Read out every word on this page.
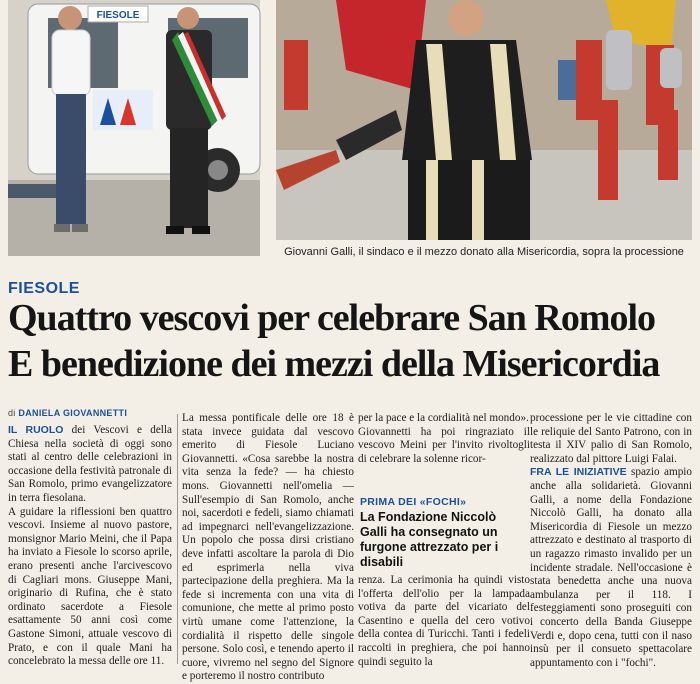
FIESOLE
Giovanni Galli, il sindaco e il mezzo donato alla Misericordia, sopra la processione
FIESOLE
Quattro vescovi per celebrare San Romolo
E benedizione dei mezzi della Misericordia
di DANIELA GIOVANNETTI

IL RUOLO dei Vescovi e della Chiesa nella società di oggi sono stati al centro delle celebrazioni in occasione della festività patronale di San Romolo, primo evangelizzatore in terra fiesolana.

A guidare la riflessioni ben quattro vescovi. Insieme al nuovo pastore, monsignor Mario Meini, che il Papa ha inviato a Fiesole lo scorso aprile, erano presenti anche l'arcivescovo di Cagliari mons. Giuseppe Mani, originario di Rufina, che è stato ordinato sacerdote a Fiesole esattamente 50 anni così come Gastone Simoni, attuale vescovo di Prato, e con il quale Mani ha concelebrato la messa delle ore 11.

La messa pontificale delle ore 18 è stata invece guidata dal vescovo emerito di Fiesole Luciano Giovannetti. «Cosa sarebbe la nostra vita senza la fede? — ha chiesto mons. Giovannetti nell'omelia — Sull'esempio di San Romolo, anche noi, sacerdoti e fedeli, siamo chiamati ad impegnarci nell'evangelizzazione. Un popolo che possa dirsi cristiano deve infatti ascoltare la parola di Dio ed esprimerla nella viva partecipazione della preghiera. Ma la fede si incrementa con una vita di comunione, che mette al primo posto virtù umane come l'attenzione, la cordialità il rispetto delle singole persone. Solo così, e tenendo aperto il cuore, vivremo nel segno del Signore e porteremo il nostro contributo

per la pace e la cordialità nel mondo».

Giovannetti ha poi ringraziato il vescovo Meini per l'invito rivoltogli di celebrare la solenne ricor-

PRIMA DEI «FOCHI»
La Fondazione Niccolò Galli ha consegnato un furgone attrezzato per i disabili

renza. La cerimonia ha quindi visto l'offerta dell'olio per la lampada votiva da parte del vicariato del Casentino e quella del cero votivo della contea di Turicchi. Tanti i fedeli raccolti in preghiera, che poi hanno quindi seguito la

processione per le vie cittadine con le reliquie del Santo Patrono, con in testa il XIV palio di San Romolo, realizzato dal pittore Luigi Falai.

FRA LE INIZIATIVE spazio ampio anche alla solidarietà. Giovanni Galli, a nome della Fondazione Niccolò Galli, ha donato alla Misericordia di Fiesole un mezzo attrezzato e destinato al trasporto di un ragazzo rimasto invalido per un incidente stradale. Nell'occasione è stata benedetta anche una nuova ambulanza per il 118. I festeggiamenti sono proseguiti con i concerto della Banda Giuseppe Verdi e, dopo cena, tutti con il naso insù per il consueto spettacolare appuntamento con i "fochi".
